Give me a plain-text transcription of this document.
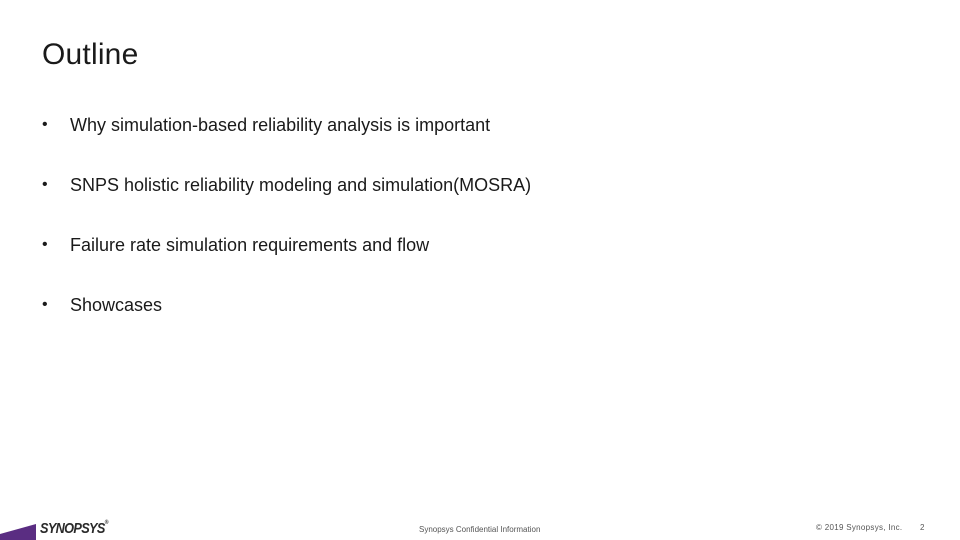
Outline
•	Why simulation-based reliability analysis is important
•	SNPS holistic reliability modeling and simulation(MOSRA)
•	Failure rate simulation requirements and flow
•	Showcases
SYNOPSYS®
Synopsys Confidential Information	© 2019 Synopsys, Inc. 2
